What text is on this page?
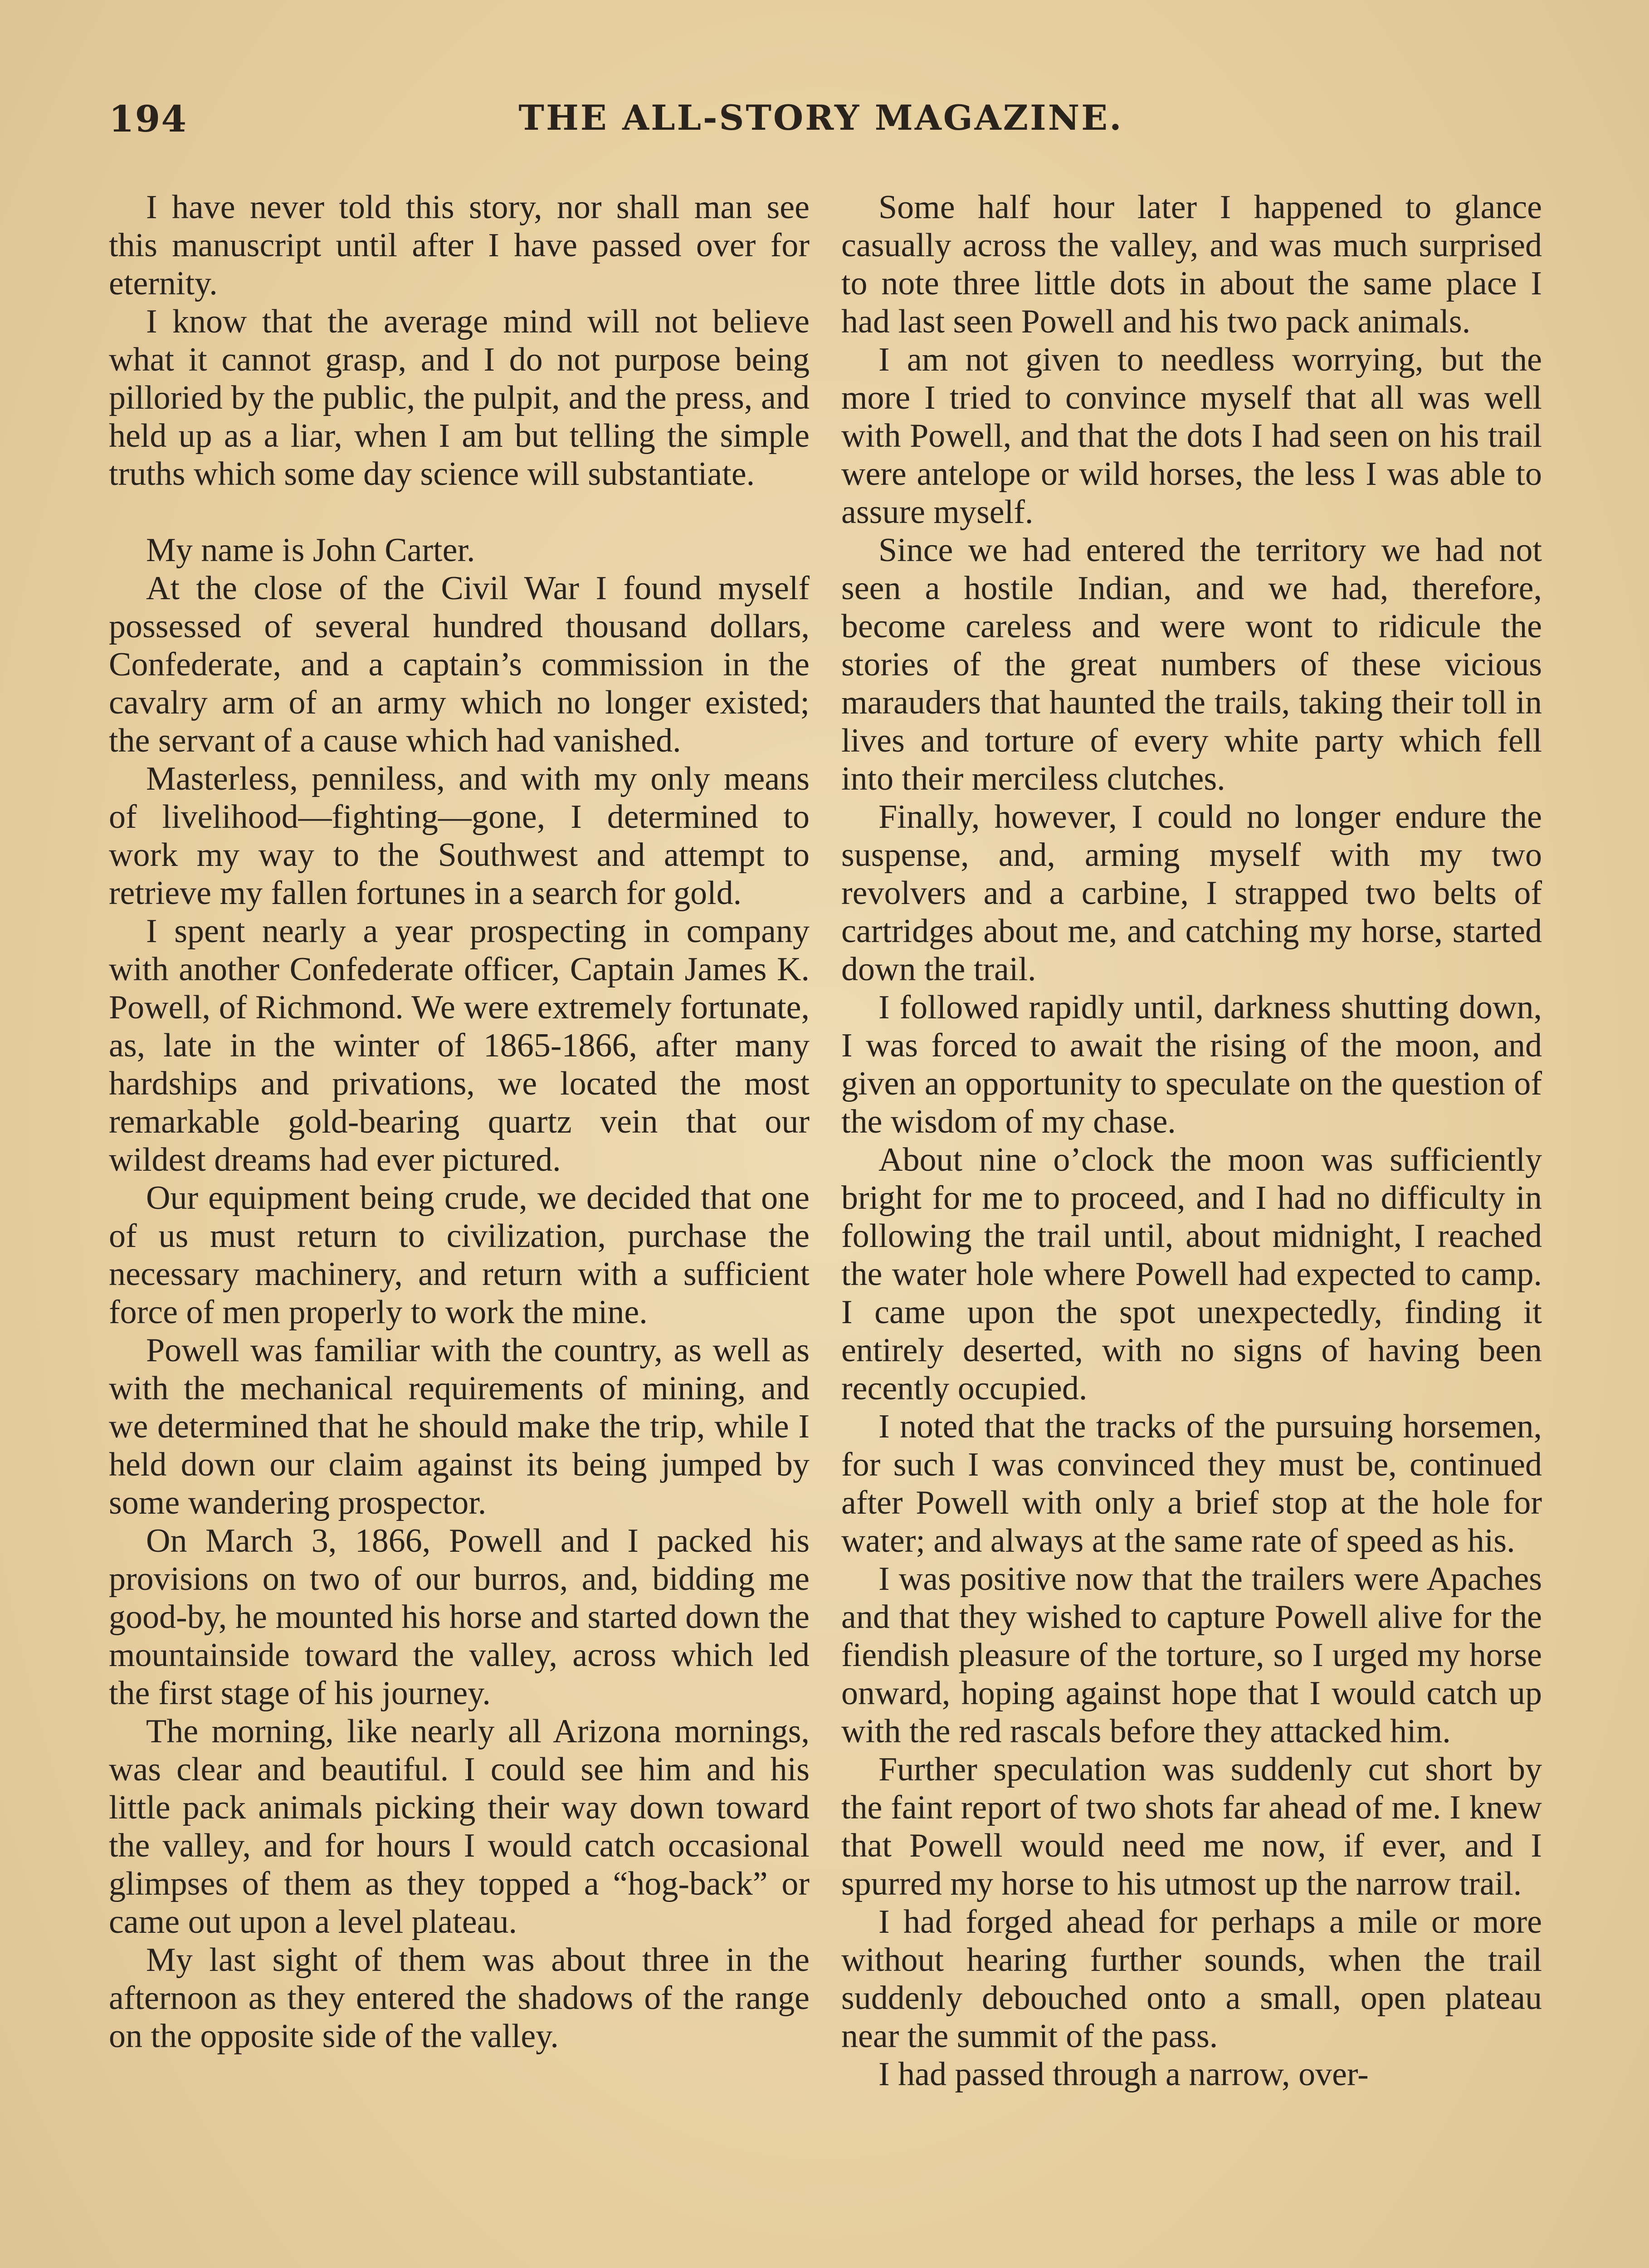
194	THE ALL-STORY MAGAZINE.

I have never told this story, nor shall man see this manuscript until after I have passed over for eternity.

I know that the average mind will not believe what it cannot grasp, and I do not purpose being pilloried by the public, the pulpit, and the press, and held up as a liar, when I am but telling the simple truths which some day science will substantiate.

My name is John Carter.

At the close of the Civil War I found myself possessed of several hundred thousand dollars, Confederate, and a captain’s commission in the cavalry arm of an army which no longer existed; the servant of a cause which had vanished.

Masterless, penniless, and with my only means of livelihood—fighting—gone, I determined to work my way to the Southwest and attempt to retrieve my fallen fortunes in a search for gold.

I spent nearly a year prospecting in company with another Confederate officer, Captain James K. Powell, of Richmond. We were extremely fortunate, as, late in the winter of 1865-1866, after many hardships and privations, we located the most remarkable gold-bearing quartz vein that our wildest dreams had ever pictured.

Our equipment being crude, we decided that one of us must return to civilization, purchase the necessary machinery, and return with a sufficient force of men properly to work the mine.

Powell was familiar with the country, as well as with the mechanical requirements of mining, and we determined that he should make the trip, while I held down our claim against its being jumped by some wandering prospector.

On March 3, 1866, Powell and I packed his provisions on two of our burros, and, bidding me good-by, he mounted his horse and started down the mountainside toward the valley, across which led the first stage of his journey.

The morning, like nearly all Arizona mornings, was clear and beautiful. I could see him and his little pack animals picking their way down toward the valley, and for hours I would catch occasional glimpses of them as they topped a “hog-back” or came out upon a level plateau.

My last sight of them was about three in the afternoon as they entered the shadows of the range on the opposite side of the valley.

Some half hour later I happened to glance casually across the valley, and was much surprised to note three little dots in about the same place I had last seen Powell and his two pack animals.

I am not given to needless worrying, but the more I tried to convince myself that all was well with Powell, and that the dots I had seen on his trail were antelope or wild horses, the less I was able to assure myself.

Since we had entered the territory we had not seen a hostile Indian, and we had, therefore, become careless and were wont to ridicule the stories of the great numbers of these vicious marauders that haunted the trails, taking their toll in lives and torture of every white party which fell into their merciless clutches.

Finally, however, I could no longer endure the suspense, and, arming myself with my two revolvers and a carbine, I strapped two belts of cartridges about me, and catching my horse, started down the trail.

I followed rapidly until, darkness shutting down, I was forced to await the rising of the moon, and given an opportunity to speculate on the question of the wisdom of my chase.

About nine o’clock the moon was sufficiently bright for me to proceed, and I had no difficulty in following the trail until, about midnight, I reached the water hole where Powell had expected to camp. I came upon the spot unexpectedly, finding it entirely deserted, with no signs of having been recently occupied.

I noted that the tracks of the pursuing horsemen, for such I was convinced they must be, continued after Powell with only a brief stop at the hole for water; and always at the same rate of speed as his.

I was positive now that the trailers were Apaches and that they wished to capture Powell alive for the fiendish pleasure of the torture, so I urged my horse onward, hoping against hope that I would catch up with the red rascals before they attacked him.

Further speculation was suddenly cut short by the faint report of two shots far ahead of me. I knew that Powell would need me now, if ever, and I spurred my horse to his utmost up the narrow trail.

I had forged ahead for perhaps a mile or more without hearing further sounds, when the trail suddenly debouched onto a small, open plateau near the summit of the pass.

I had passed through a narrow, over-
